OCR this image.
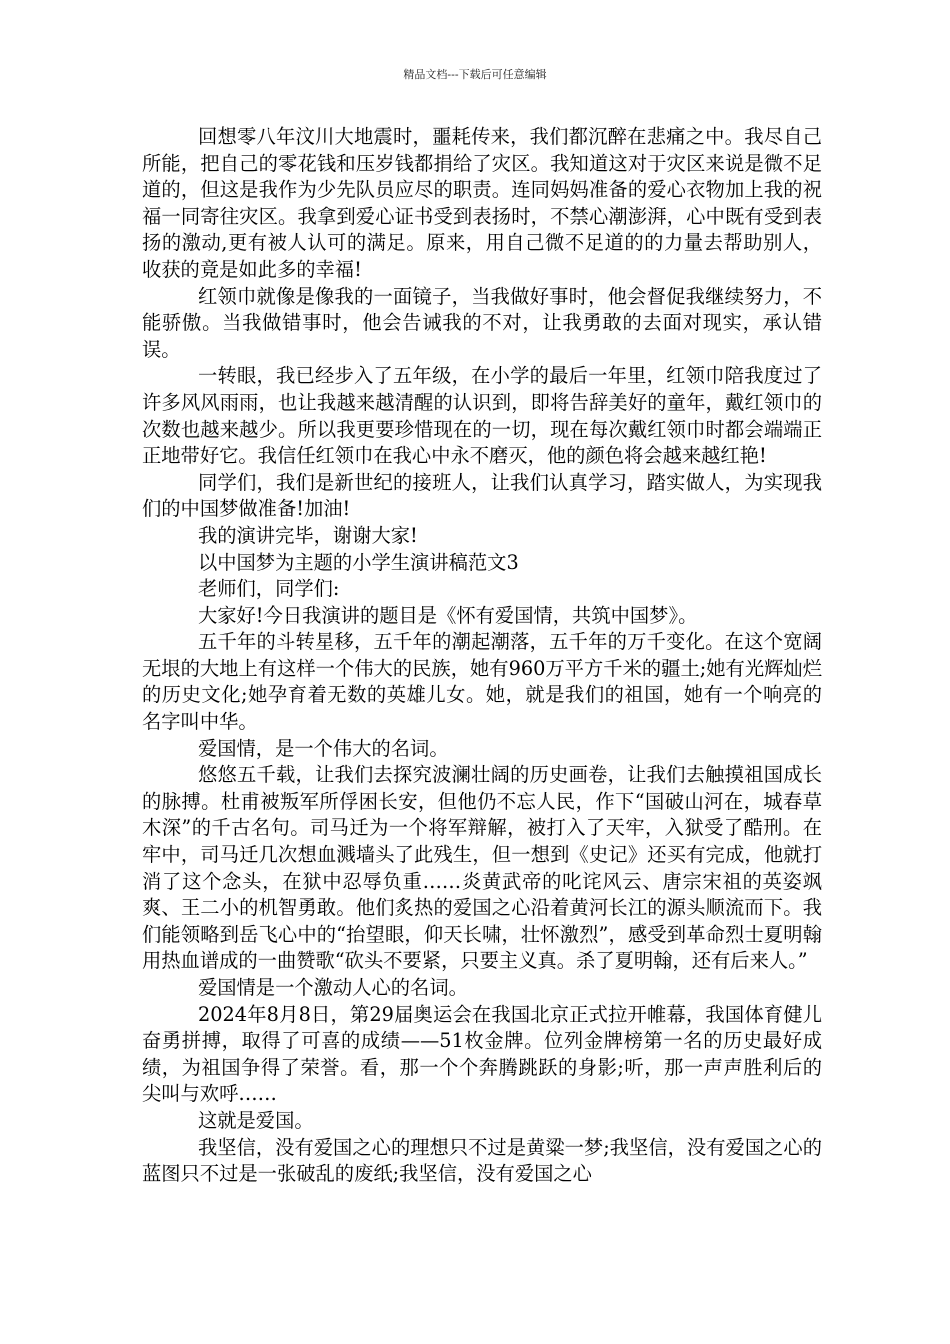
精品文档---下载后可任意编辑

回想零八年汶川大地震时，噩耗传来，我们都沉醉在悲痛之中。我尽自己所能，把自己的零花钱和压岁钱都捐给了灾区。我知道这对于灾区来说是微不足道的，但这是我作为少先队员应尽的职责。连同妈妈准备的爱心衣物加上我的祝福一同寄往灾区。我拿到爱心证书受到表扬时，不禁心潮澎湃，心中既有受到表扬的激动,更有被人认可的满足。原来，用自己微不足道的的力量去帮助别人，收获的竟是如此多的幸福!

红领巾就像是像我的一面镜子，当我做好事时，他会督促我继续努力，不能骄傲。当我做错事时，他会告诫我的不对，让我勇敢的去面对现实，承认错误。

一转眼，我已经步入了五年级，在小学的最后一年里，红领巾陪我度过了许多风风雨雨，也让我越来越清醒的认识到，即将告辞美好的童年，戴红领巾的次数也越来越少。所以我更要珍惜现在的一切，现在每次戴红领巾时都会端端正正地带好它。我信任红领巾在我心中永不磨灭，他的颜色将会越来越红艳!

同学们，我们是新世纪的接班人，让我们认真学习，踏实做人，为实现我们的中国梦做准备!加油!

我的演讲完毕，谢谢大家!

以中国梦为主题的小学生演讲稿范文3

老师们，同学们:

大家好!今日我演讲的题目是《怀有爱国情，共筑中国梦》。

五千年的斗转星移，五千年的潮起潮落，五千年的万千变化。在这个宽阔无垠的大地上有这样一个伟大的民族，她有960万平方千米的疆土;她有光辉灿烂的历史文化;她孕育着无数的英雄儿女。她，就是我们的祖国，她有一个响亮的名字叫中华。

爱国情，是一个伟大的名词。

悠悠五千载，让我们去探究波澜壮阔的历史画卷，让我们去触摸祖国成长的脉搏。杜甫被叛军所俘困长安，但他仍不忘人民，作下“国破山河在，城春草木深”的千古名句。司马迁为一个将军辩解，被打入了天牢，入狱受了酷刑。在牢中，司马迁几次想血溅墙头了此残生，但一想到《史记》还买有完成，他就打消了这个念头，在狱中忍辱负重……炎黄武帝的叱诧风云、唐宗宋祖的英姿飒爽、王二小的机智勇敢。他们炙热的爱国之心沿着黄河长江的源头顺流而下。我们能领略到岳飞心中的“抬望眼，仰天长啸，壮怀激烈”，感受到革命烈士夏明翰用热血谱成的一曲赞歌“砍头不要紧，只要主义真。杀了夏明翰，还有后来人。”

爱国情是一个激动人心的名词。

2024年8月8日，第29届奥运会在我国北京正式拉开帷幕，我国体育健儿奋勇拼搏，取得了可喜的成绩——51枚金牌。位列金牌榜第一名的历史最好成绩，为祖国争得了荣誉。看，那一个个奔腾跳跃的身影;听，那一声声胜利后的尖叫与欢呼……

这就是爱国。

我坚信，没有爱国之心的理想只不过是黄粱一梦;我坚信，没有爱国之心的蓝图只不过是一张破乱的废纸;我坚信，没有爱国之心
